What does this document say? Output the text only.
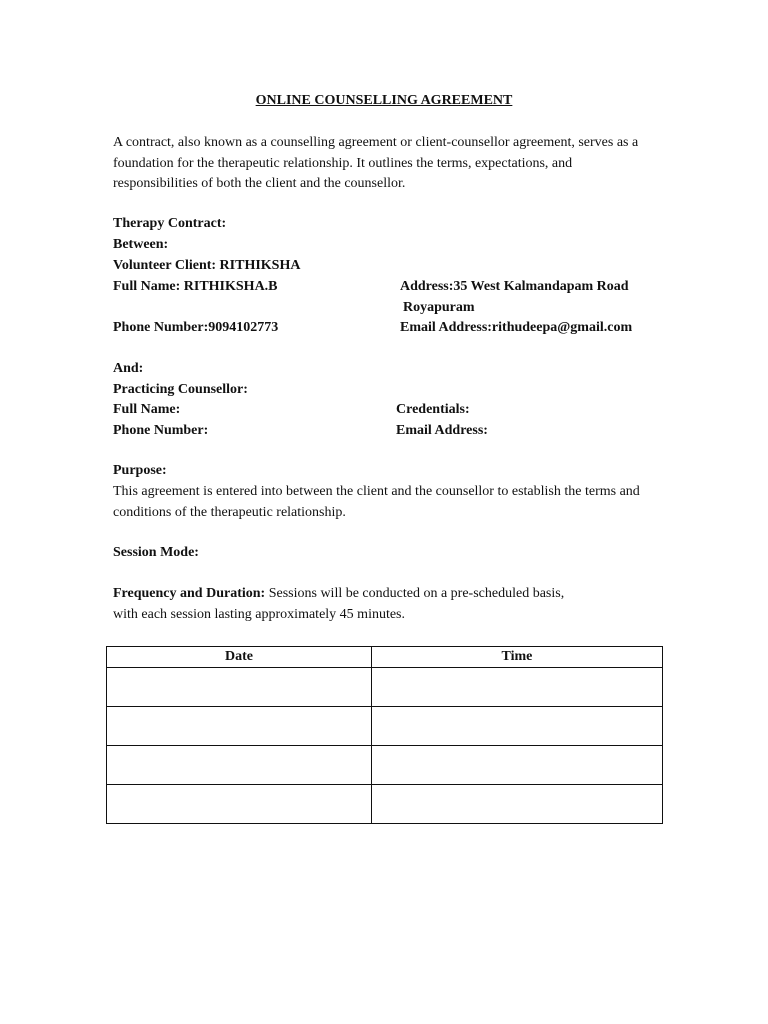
ONLINE COUNSELLING AGREEMENT
A contract, also known as a counselling agreement or client-counsellor agreement, serves as a foundation for the therapeutic relationship. It outlines the terms, expectations, and responsibilities of both the client and the counsellor.
Therapy Contract:
Between:
Volunteer Client: RITHIKSHA
Full Name: RITHIKSHA.B	Address:35 West Kalmandapam Road
Royapuram
Phone Number:9094102773	Email Address:rithudeepa@gmail.com
And:
Practicing Counsellor:
Full Name:	Credentials:
Phone Number:	Email Address:
Purpose:
This agreement is entered into between the client and the counsellor to establish the terms and conditions of the therapeutic relationship.
Session Mode:
Frequency and Duration: Sessions will be conducted on a pre-scheduled basis,
with each session lasting approximately 45 minutes.
Date	Time
